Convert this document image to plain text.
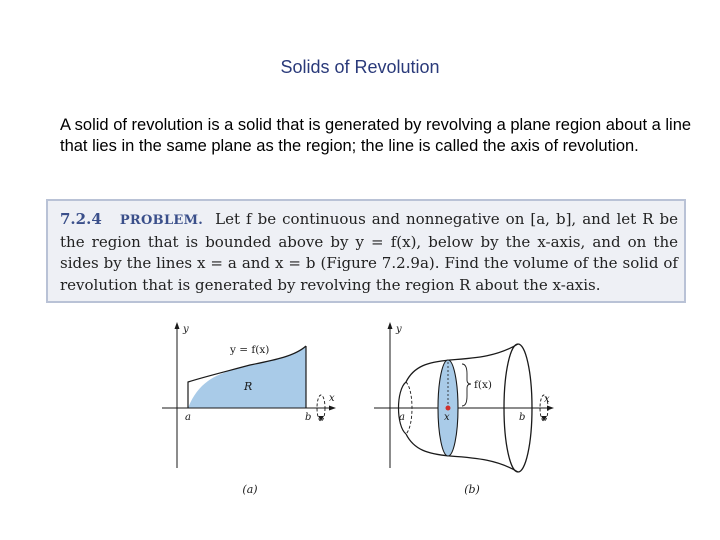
Solids of Revolution
A solid of revolution is a solid that is generated by revolving a plane region about a line that lies in the same plane as the region; the line is called the axis of revolution.
7.2.4 PROBLEM. Let f be continuous and nonnegative on [a, b], and let R be the region that is bounded above by y = f(x), below by the x-axis, and on the sides by the lines x = a and x = b (Figure 7.2.9a). Find the volume of the solid of revolution that is generated by revolving the region R about the x-axis.
y
x
y = f(x)
R
a	b
(a)
y
x
f(x)
a	x	b
(b)
